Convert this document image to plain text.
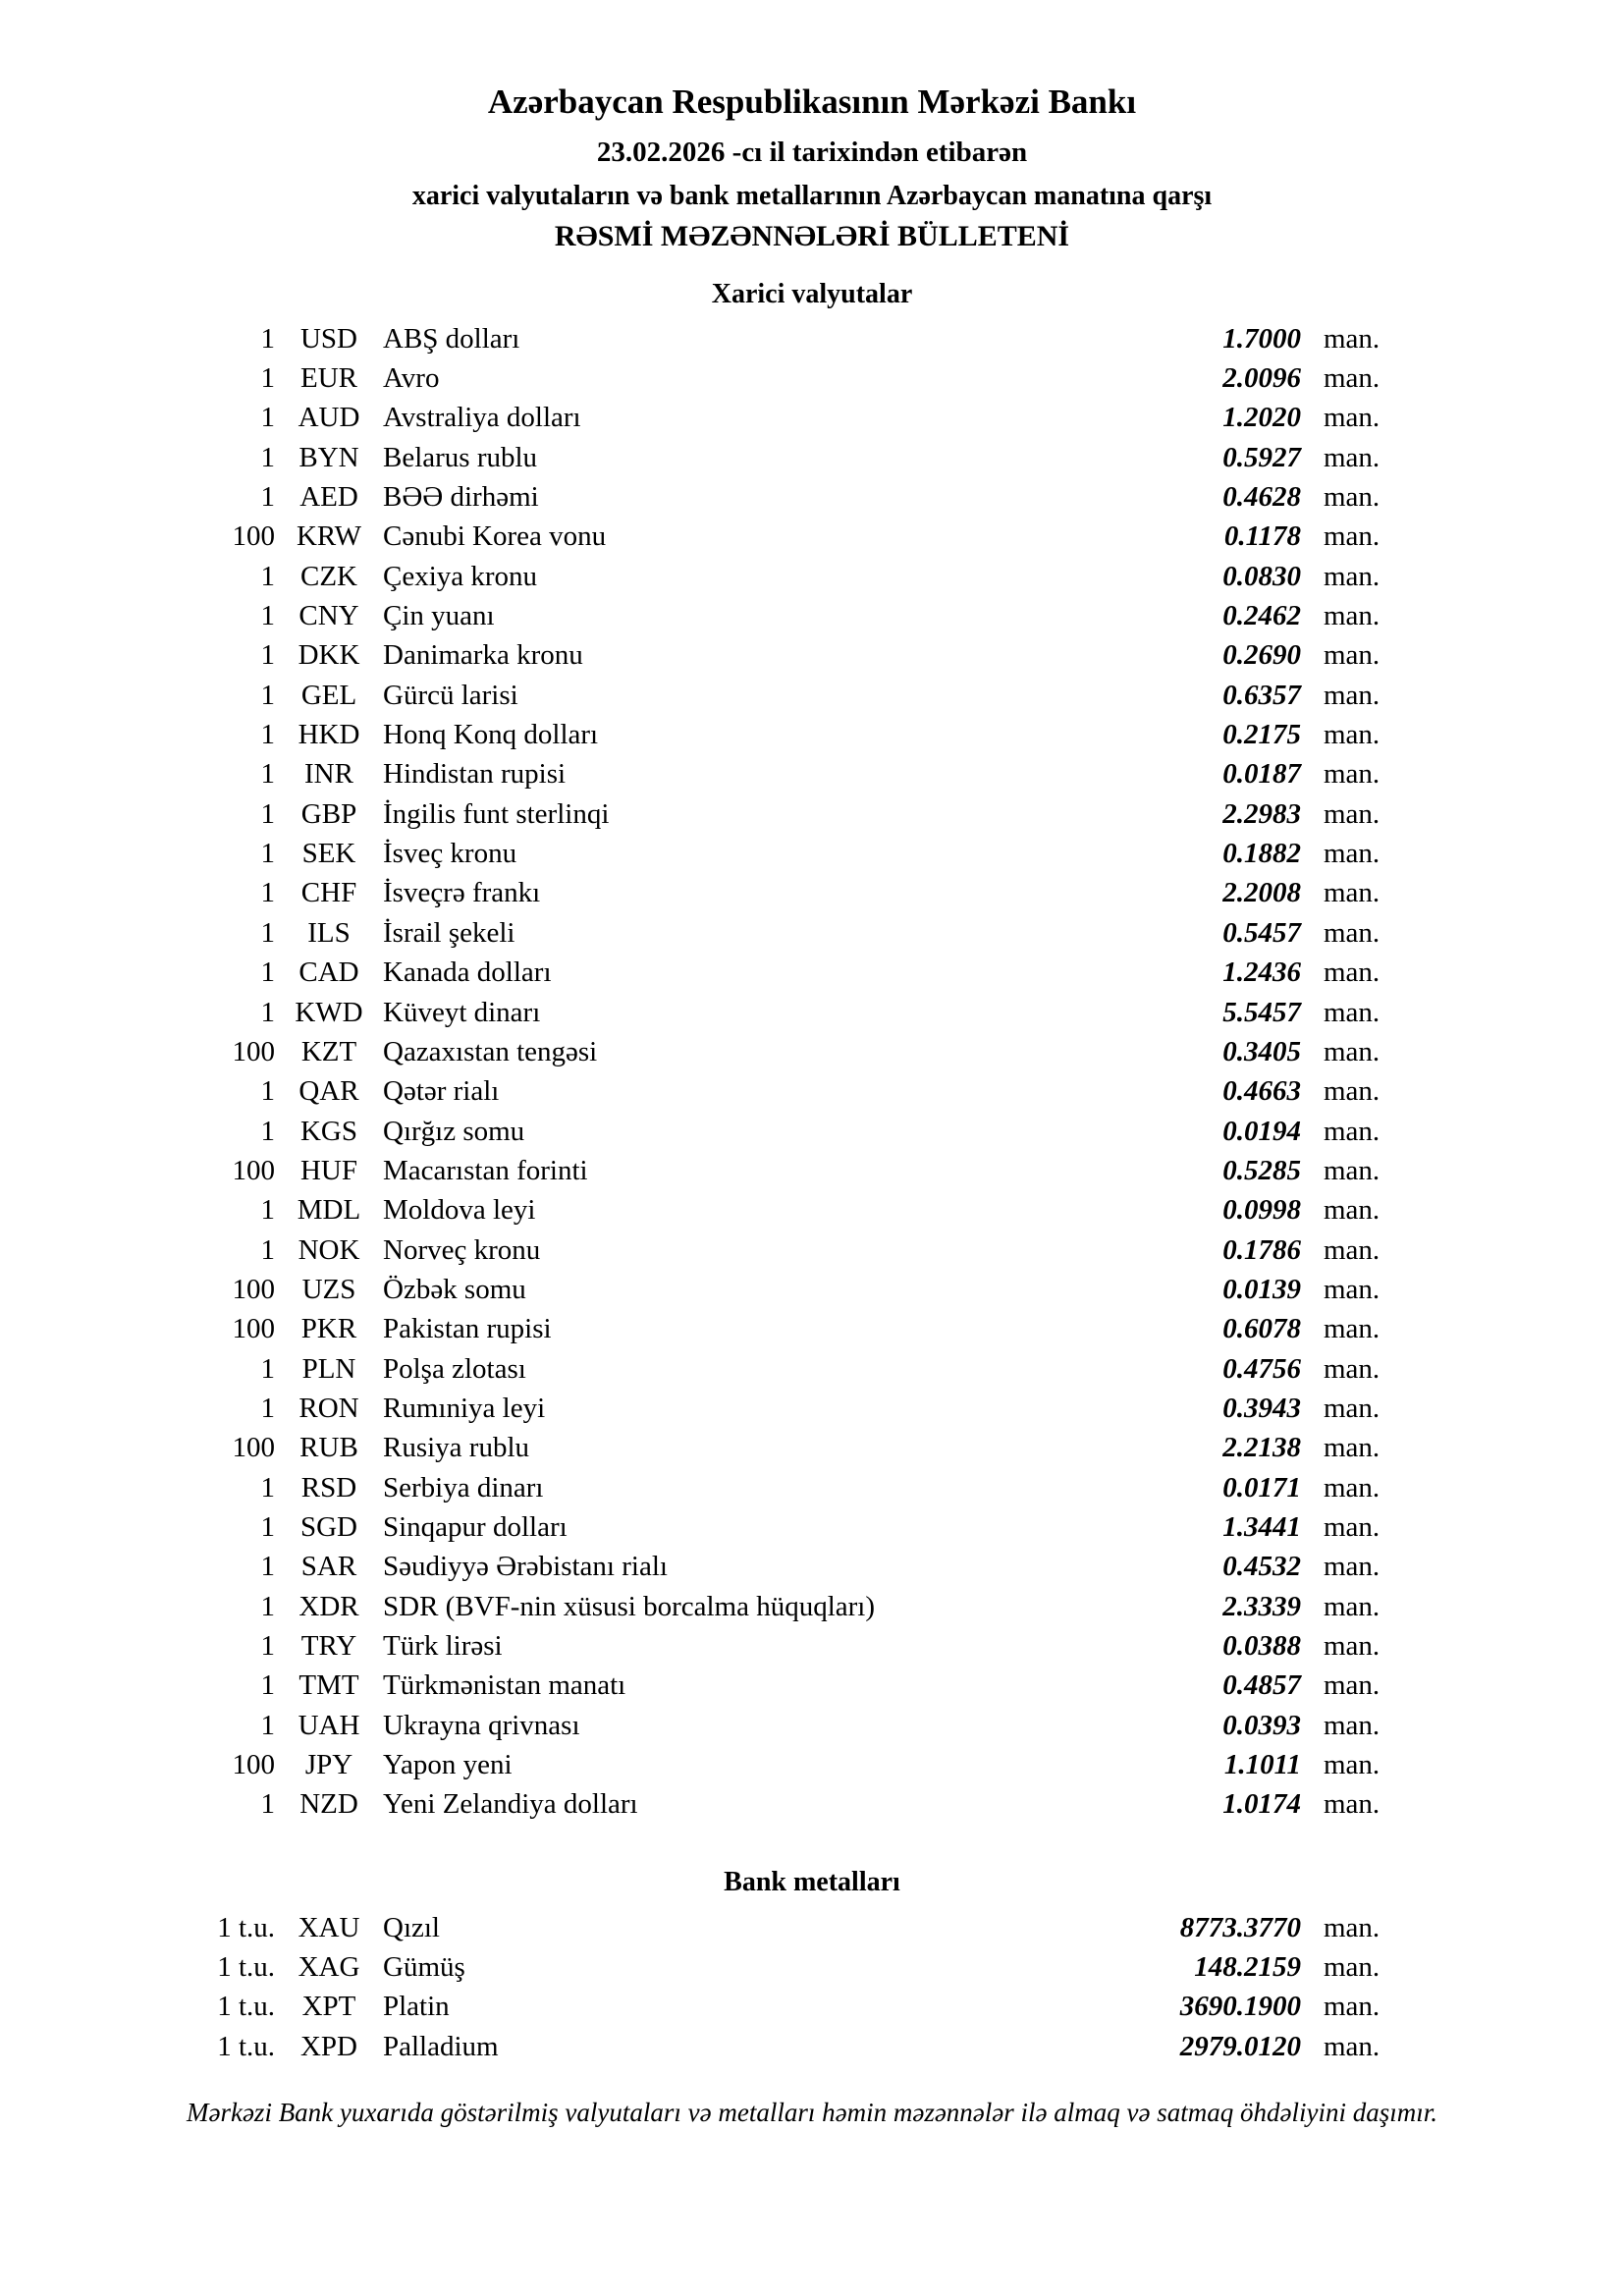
Azərbaycan Respublikasının Mərkəzi Bankı
23.02.2026 -cı il tarixindən etibarən
xarici valyutaların və bank metallarının Azərbaycan manatına qarşı
RƏSMİ MƏZƏNNƏLƏRİ BÜLLETENİ
Xarici valyutalar
1 USD ABŞ dolları	1.7000 man.
1 EUR Avro	2.0096 man.
1 AUD Avstraliya dolları	1.2020 man.
1 BYN Belarus rublu	0.5927 man.
1 AED BƏƏ dirhəmi	0.4628 man.
100 KRW Cənubi Korea vonu	0.1178 man.
1 CZK Çexiya kronu	0.0830 man.
1 CNY Çin yuanı	0.2462 man.
1 DKK Danimarka kronu	0.2690 man.
1 GEL Gürcü larisi	0.6357 man.
1 HKD Honq Konq dolları	0.2175 man.
1	INR	Hindistan rupisi	0.0187 man.
1 GBP İngilis funt sterlinqi	2.2983 man.
1 SEK İsveç kronu	0.1882 man.
1 CHF İsveçrə frankı	2.2008 man.
1	ILS	İsrail şekeli	0.5457 man.
1 CAD Kanada dolları	1.2436 man.
1 KWD Küveyt dinarı	5.5457 man.
100 KZT Qazaxıstan tengəsi	0.3405 man.
1 QAR Qətər rialı	0.4663 man.
1 KGS Qırğız somu	0.0194 man.
100 HUF Macarıstan forinti	0.5285 man.
1 MDL Moldova leyi	0.0998 man.
1 NOK Norveç kronu	0.1786 man.
100 UZS Özbək somu	0.0139 man.
100 PKR Pakistan rupisi	0.6078 man.
1 PLN Polşa zlotası	0.4756 man.
1 RON Rumıniya leyi	0.3943 man.
100 RUB Rusiya rublu	2.2138 man.
1 RSD Serbiya dinarı	0.0171 man.
1 SGD Sinqapur dolları	1.3441 man.
1 SAR Səudiyyə Ərəbistanı rialı	0.4532 man.
1 XDR SDR (BVF-nin xüsusi borcalma hüquqları)	2.3339 man.
1 TRY Türk lirəsi	0.0388 man.
1 TMT Türkmənistan manatı	0.4857 man.
1 UAH Ukrayna qrivnası	0.0393 man.
100	JPY	Yapon yeni	1.1011 man.
1 NZD Yeni Zelandiya dolları	1.0174 man.
Bank metalları
1 t.u. XAU Qızıl	8773.3770 man.
1 t.u. XAG Gümüş	148.2159 man.
1 t.u. XPT Platin	3690.1900 man.
1 t.u. XPD Palladium	2979.0120 man.
Mərkəzi Bank yuxarıda göstərilmiş valyutaları və metalları həmin məzənnələr ilə almaq və satmaq öhdəliyini daşımır.
